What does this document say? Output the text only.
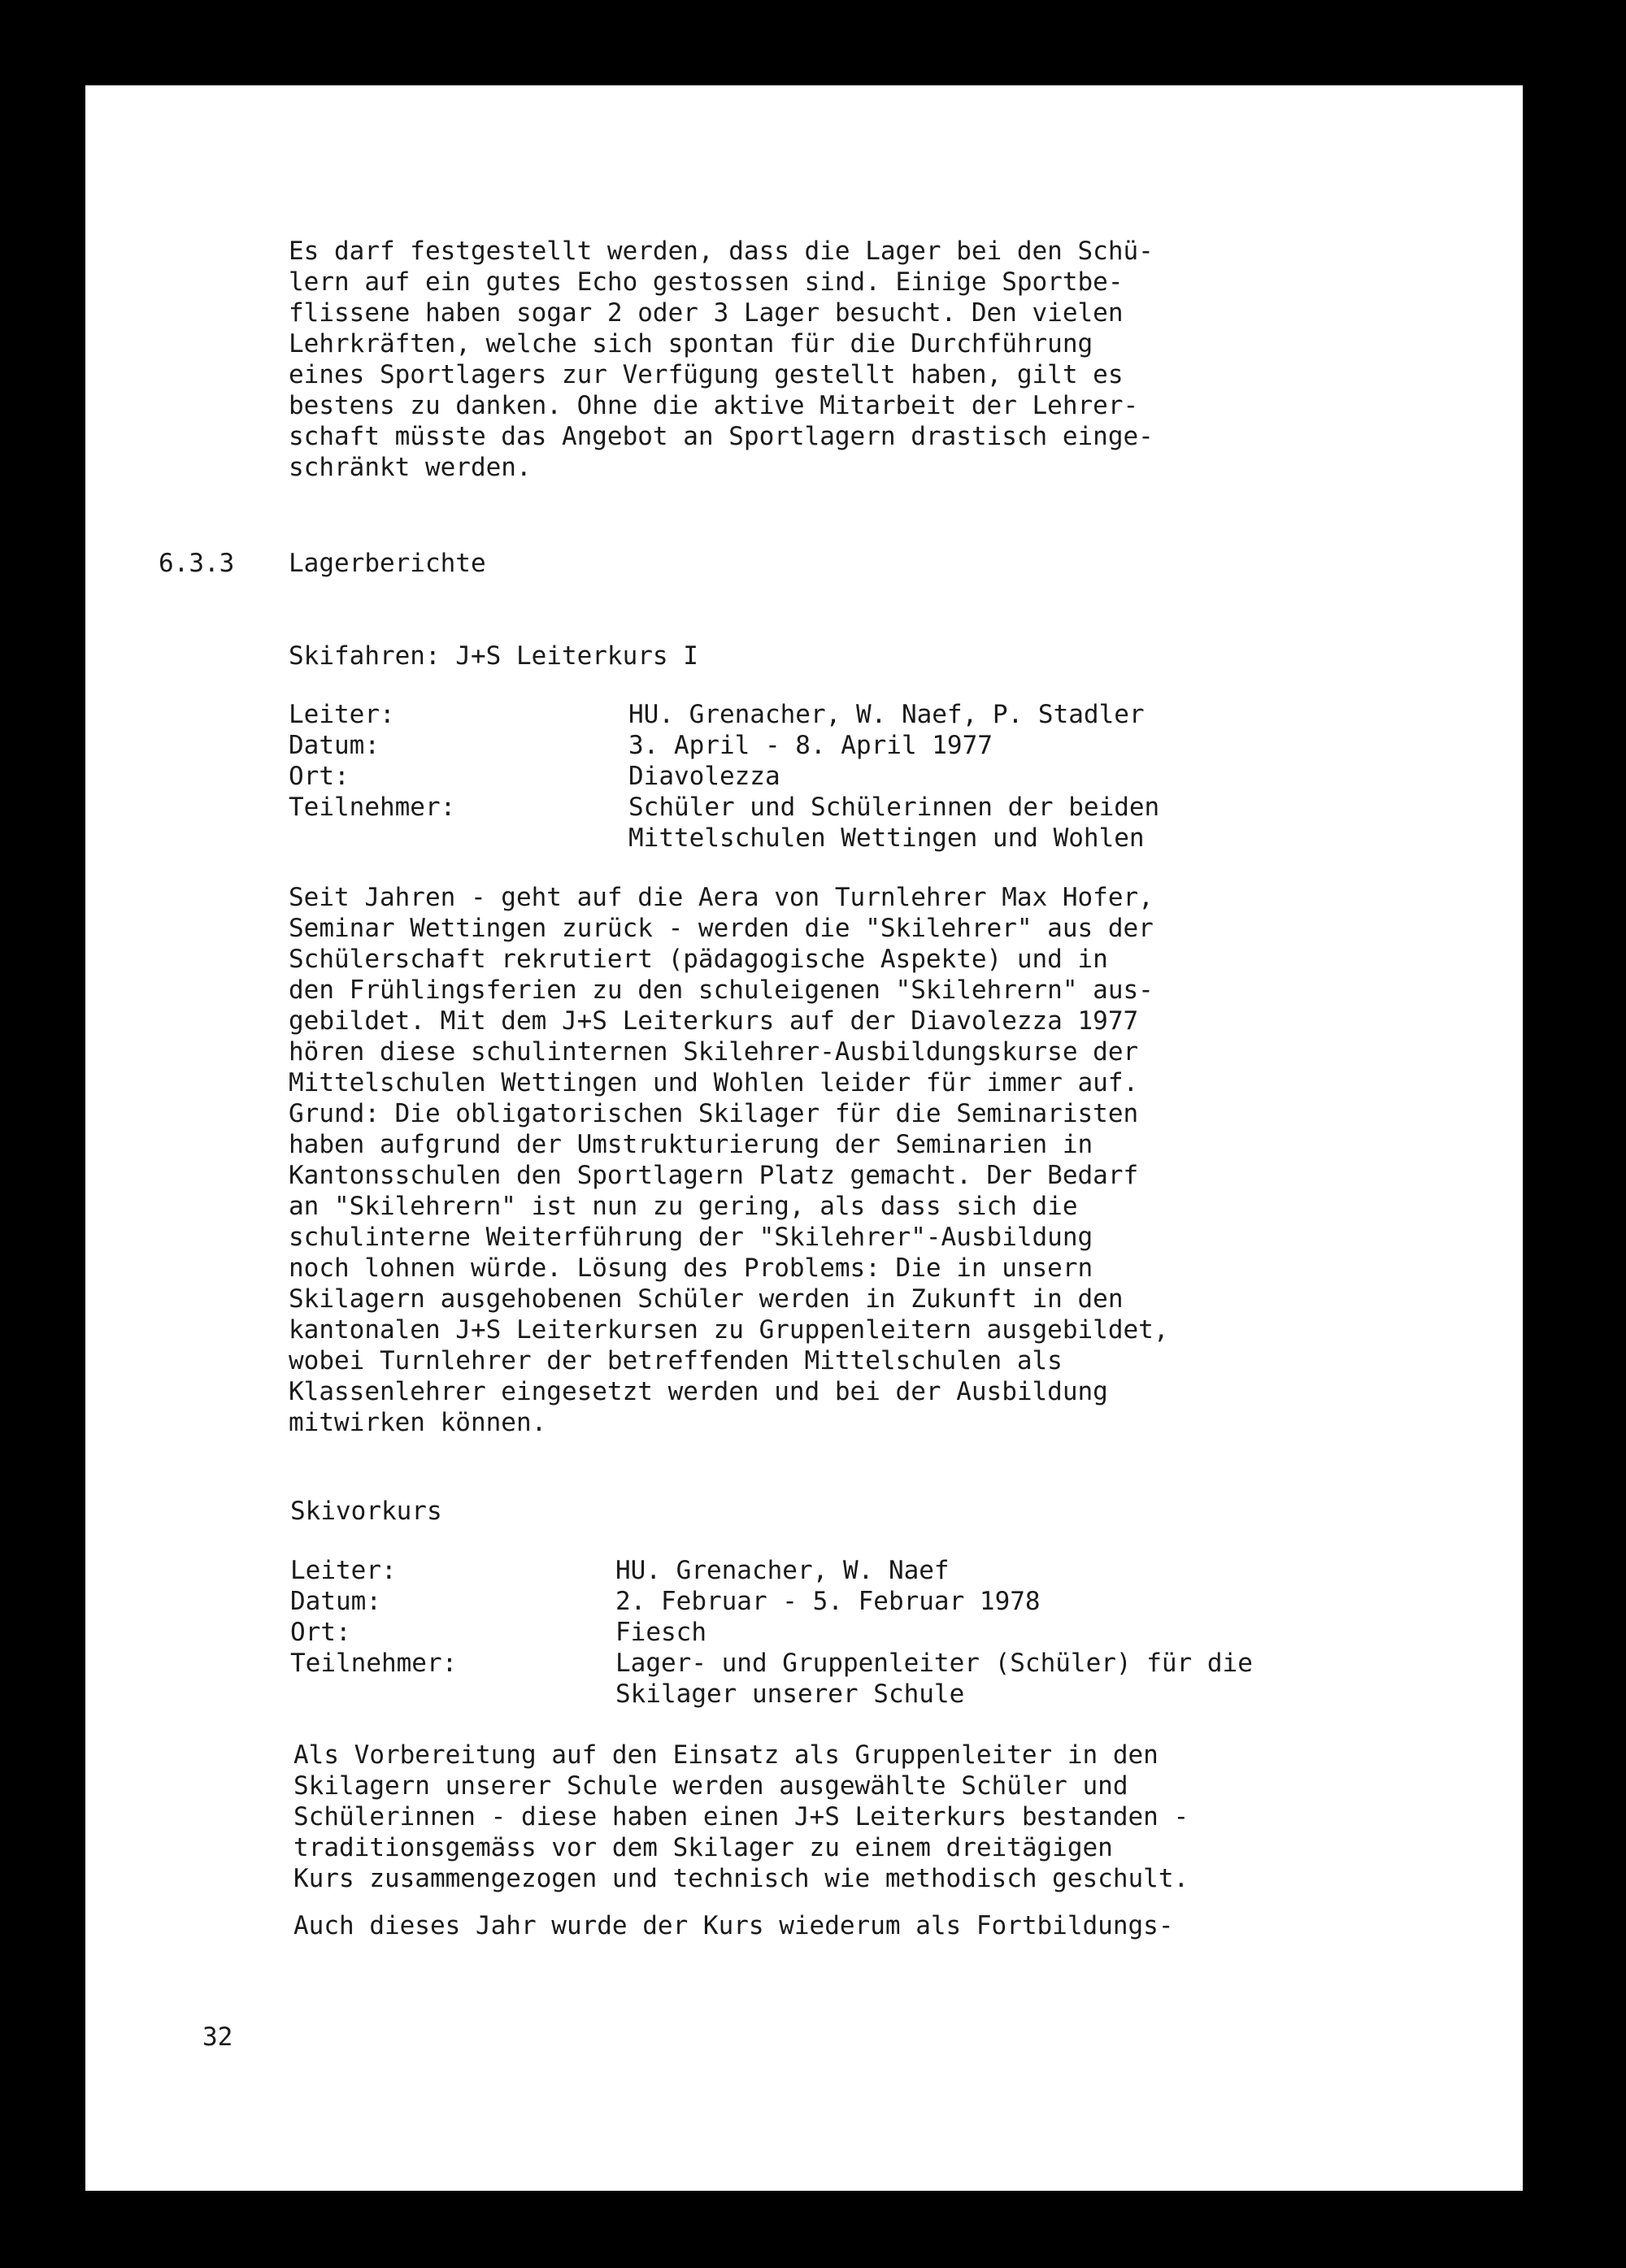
Es darf festgestellt werden, dass die Lager bei den Schü-
lern auf ein gutes Echo gestossen sind. Einige Sportbe-
flissene haben sogar 2 oder 3 Lager besucht. Den vielen
Lehrkräften, welche sich spontan für die Durchführung
eines Sportlagers zur Verfügung gestellt haben, gilt es
bestens zu danken. Ohne die aktive Mitarbeit der Lehrer-
schaft müsste das Angebot an Sportlagern drastisch einge-
schränkt werden.
6.3.3 Lagerberichte
Skifahren: J+S Leiterkurs I
Leiter:	HU. Grenacher, W. Naef, P. Stadler
Datum:	3. April - 8. April 1977
Ort:	Diavolezza
Teilnehmer:	Schüler und Schülerinnen der beiden
Mittelschulen Wettingen und Wohlen
Seit Jahren - geht auf die Aera von Turnlehrer Max Hofer,
Seminar Wettingen zurück - werden die "Skilehrer" aus der
Schülerschaft rekrutiert (pädagogische Aspekte) und in
den Frühlingsferien zu den schuleigenen "Skilehrern" aus-
gebildet. Mit dem J+S Leiterkurs auf der Diavolezza 1977
hören diese schulinternen Skilehrer-Ausbildungskurse der
Mittelschulen Wettingen und Wohlen leider für immer auf.
Grund: Die obligatorischen Skilager für die Seminaristen
haben aufgrund der Umstrukturierung der Seminarien in
Kantonsschulen den Sportlagern Platz gemacht. Der Bedarf
an "Skilehrern" ist nun zu gering, als dass sich die
schulinterne Weiterführung der "Skilehrer"-Ausbildung
noch lohnen würde. Lösung des Problems: Die in unsern
Skilagern ausgehobenen Schüler werden in Zukunft in den
kantonalen J+S Leiterkursen zu Gruppenleitern ausgebildet,
wobei Turnlehrer der betreffenden Mittelschulen als
Klassenlehrer eingesetzt werden und bei der Ausbildung
mitwirken können.
Skivorkurs
Leiter:	HU. Grenacher, W. Naef
Datum:	2. Februar - 5. Februar 1978
Ort:	Fiesch
Teilnehmer:	Lager- und Gruppenleiter (Schüler) für die
Skilager unserer Schule
Als Vorbereitung auf den Einsatz als Gruppenleiter in den
Skilagern unserer Schule werden ausgewählte Schüler und
Schülerinnen - diese haben einen J+S Leiterkurs bestanden -
traditionsgemäss vor dem Skilager zu einem dreitägigen
Kurs zusammengezogen und technisch wie methodisch geschult.
Auch dieses Jahr wurde der Kurs wiederum als Fortbildungs-
32
